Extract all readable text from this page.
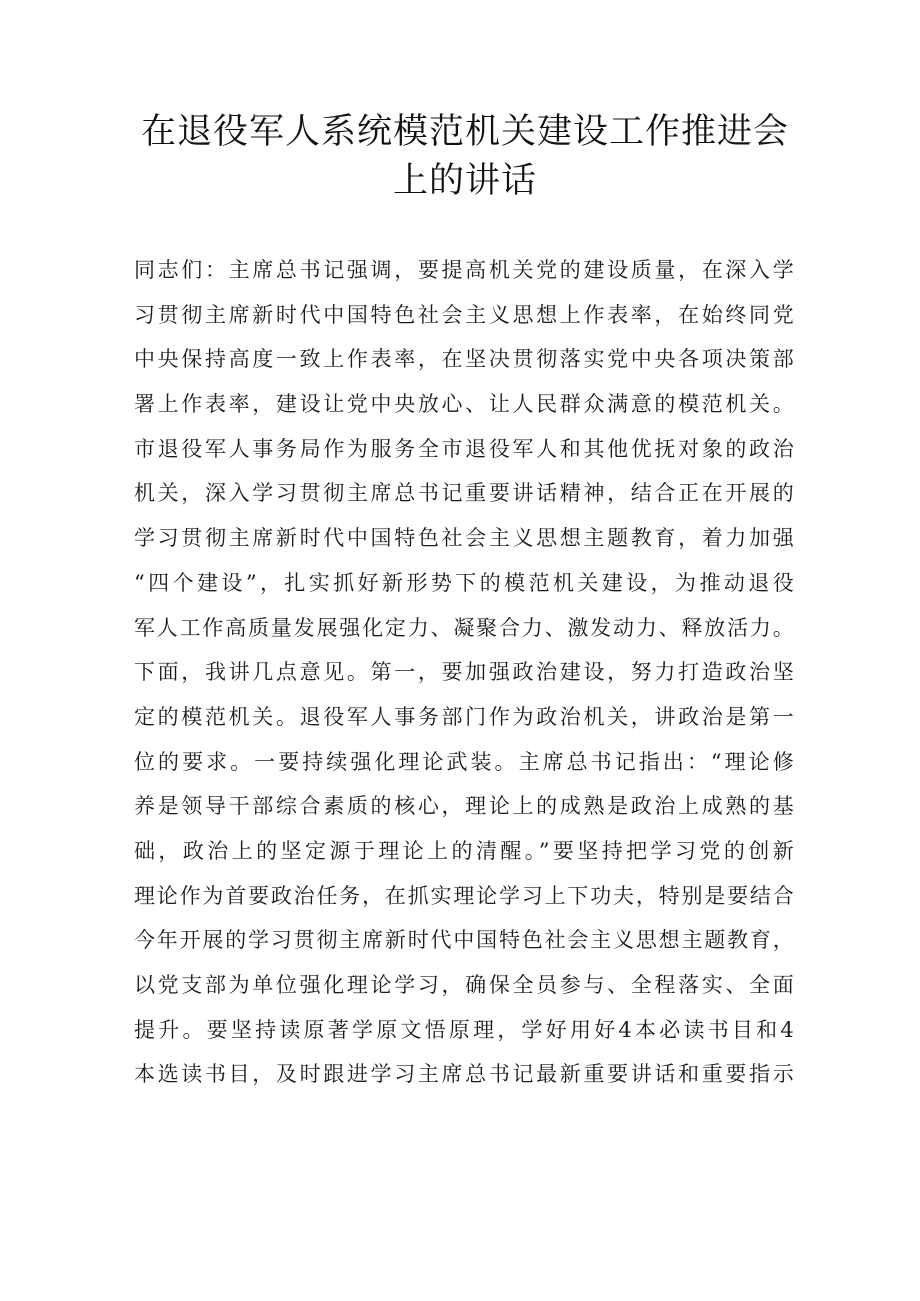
在退役军人系统模范机关建设工作推进会
上的讲话
同志们：主席总书记强调，要提高机关党的建设质量，在深入学
习贯彻主席新时代中国特色社会主义思想上作表率，在始终同党
中央保持高度一致上作表率，在坚决贯彻落实党中央各项决策部
署上作表率，建设让党中央放心、让人民群众满意的模范机关。
市退役军人事务局作为服务全市退役军人和其他优抚对象的政治
机关，深入学习贯彻主席总书记重要讲话精神，结合正在开展的
学习贯彻主席新时代中国特色社会主义思想主题教育，着力加强
“四个建设”，扎实抓好新形势下的模范机关建设，为推动退役
军人工作高质量发展强化定力、凝聚合力、激发动力、释放活力。
下面，我讲几点意见。第一，要加强政治建设，努力打造政治坚
定的模范机关。退役军人事务部门作为政治机关，讲政治是第一
位的要求。一要持续强化理论武装。主席总书记指出：“理论修
养是领导干部综合素质的核心，理论上的成熟是政治上成熟的基
础，政治上的坚定源于理论上的清醒。”要坚持把学习党的创新
理论作为首要政治任务，在抓实理论学习上下功夫，特别是要结合
今年开展的学习贯彻主席新时代中国特色社会主义思想主题教育，
以党支部为单位强化理论学习，确保全员参与、全程落实、全面
提升。要坚持读原著学原文悟原理，学好用好4本必读书目和4
本选读书目，及时跟进学习主席总书记最新重要讲话和重要指示
